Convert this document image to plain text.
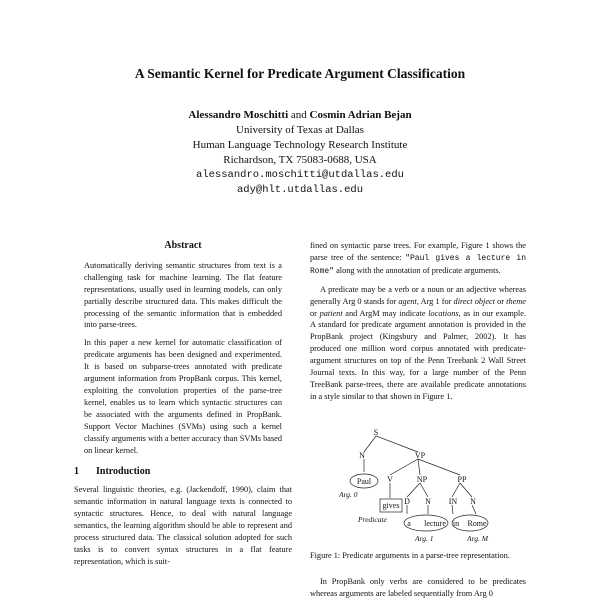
A Semantic Kernel for Predicate Argument Classification
Alessandro Moschitti and Cosmin Adrian Bejan
University of Texas at Dallas
Human Language Technology Research Institute
Richardson, TX 75083-0688, USA
alessandro.moschitti@utdallas.edu
ady@hlt.utdallas.edu
Abstract

Automatically deriving semantic structures from text is a challenging task for machine learning. The flat feature representations, usually used in learning models, can only partially describe structured data. This makes difficult the processing of the semantic information that is embedded into parse-trees.

In this paper a new kernel for automatic classification of predicate arguments has been designed and experimented. It is based on subparse-trees annotated with predicate argument information from PropBank corpus. This kernel, exploiting the convolution properties of the parse-tree kernel, enables us to learn which syntactic structures can be associated with the arguments defined in PropBank. Support Vector Machines (SVMs) using such a kernel classify arguments with a better accuracy than SVMs based on linear kernel.

1 Introduction

Several linguistic theories, e.g. (Jackendoff, 1990), claim that semantic information in natural language texts is connected to syntactic structures. Hence, to deal with natural language semantics, the learning algorithm should be able to represent and process structured data. The classical solution adopted for such tasks is to convert syntax structures in a flat feature representation, which is suit-

fined on syntactic parse trees. For example, Figure 1 shows the parse tree of the sentence: "Paul gives a lecture in Rome" along with the annotation of predicate arguments.

A predicate may be a verb or a noun or an adjective whereas generally Arg 0 stands for agent, Arg 1 for direct object or theme or patient and ArgM may indicate locations, as in our example. A standard for predicate argument annotation is provided in the PropBank project (Kingsbury and Palmer, 2002). It has produced one million word corpus annotated with predicate-argument structures on top of the Penn Treebank 2 Wall Street Journal texts. In this way, for a large number of the Penn TreeBank parse-trees, there are available predicate annotations in a style similar to that shown in Figure 1.

S
N	VP
V	NP	PP
D N IN N
Paul
gives
a lecture in Rome
Arg. 0
Predicate
Arg. 1	Arg. M
Figure 1: Predicate arguments in a parse-tree representation.
In PropBank only verbs are considered to be predicates whereas arguments are labeled sequentially from Arg 0
